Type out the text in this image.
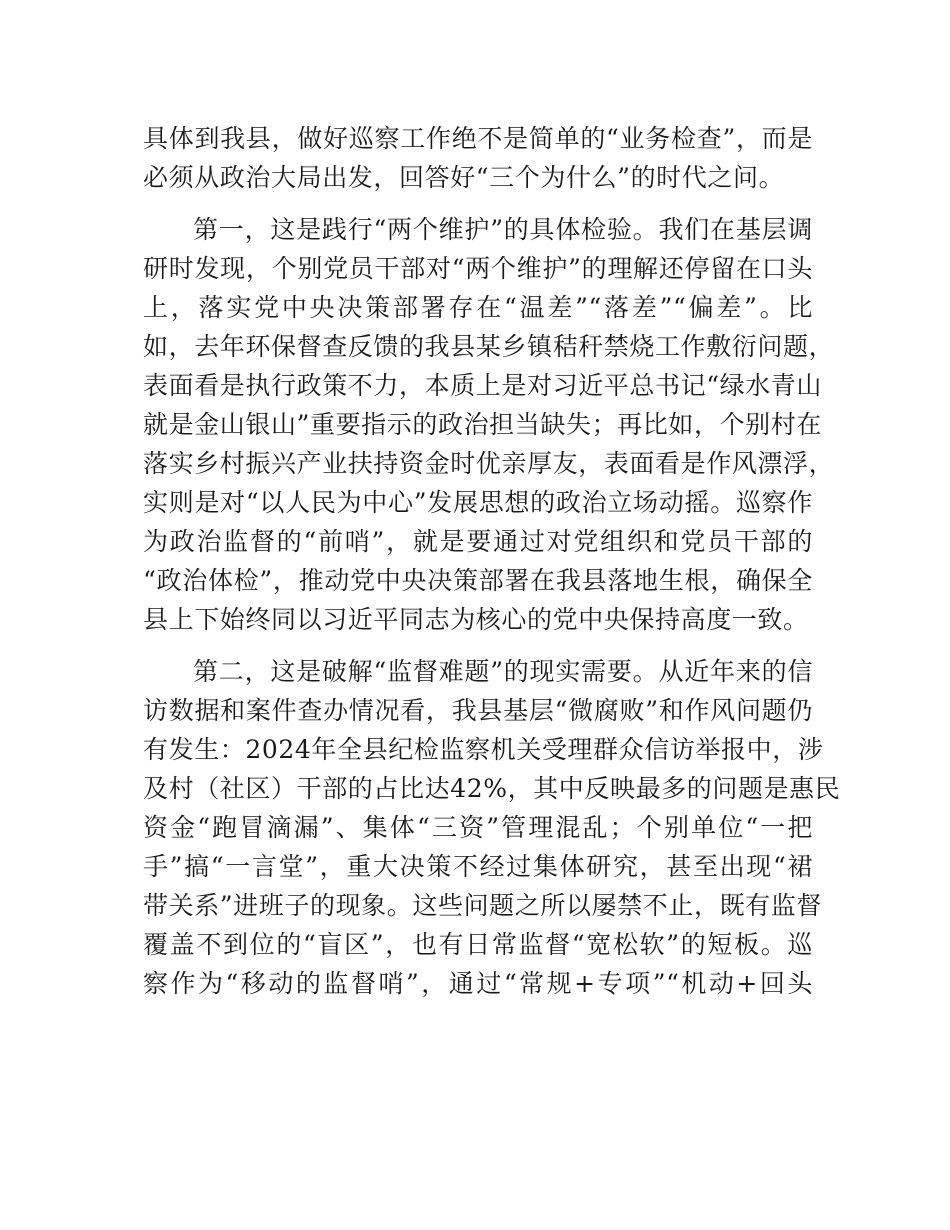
具体到我县，做好巡察工作绝不是简单的“业务检查”，而是
必须从政治大局出发，回答好“三个为什么”的时代之问。
第一，这是践行“两个维护”的具体检验。我们在基层调
研时发现，个别党员干部对“两个维护”的理解还停留在口头
上，落实党中央决策部署存在“温差”“落差”“偏差”。比
如，去年环保督查反馈的我县某乡镇秸秆禁烧工作敷衍问题，
表面看是执行政策不力，本质上是对习近平总书记“绿水青山
就是金山银山”重要指示的政治担当缺失；再比如，个别村在
落实乡村振兴产业扶持资金时优亲厚友，表面看是作风漂浮，
实则是对“以人民为中心”发展思想的政治立场动摇。巡察作
为政治监督的“前哨”，就是要通过对党组织和党员干部的
“政治体检”，推动党中央决策部署在我县落地生根，确保全
县上下始终同以习近平同志为核心的党中央保持高度一致。
第二，这是破解“监督难题”的现实需要。从近年来的信
访数据和案件查办情况看，我县基层“微腐败”和作风问题仍
有发生：2024年全县纪检监察机关受理群众信访举报中，涉
及村（社区）干部的占比达42%，其中反映最多的问题是惠民
资金“跑冒滴漏”、集体“三资”管理混乱；个别单位“一把
手”搞“一言堂”，重大决策不经过集体研究，甚至出现“裙
带关系”进班子的现象。这些问题之所以屡禁不止，既有监督
覆盖不到位的“盲区”，也有日常监督“宽松软”的短板。巡
察作为“移动的监督哨”，通过“常规+专项”“机动+回头
